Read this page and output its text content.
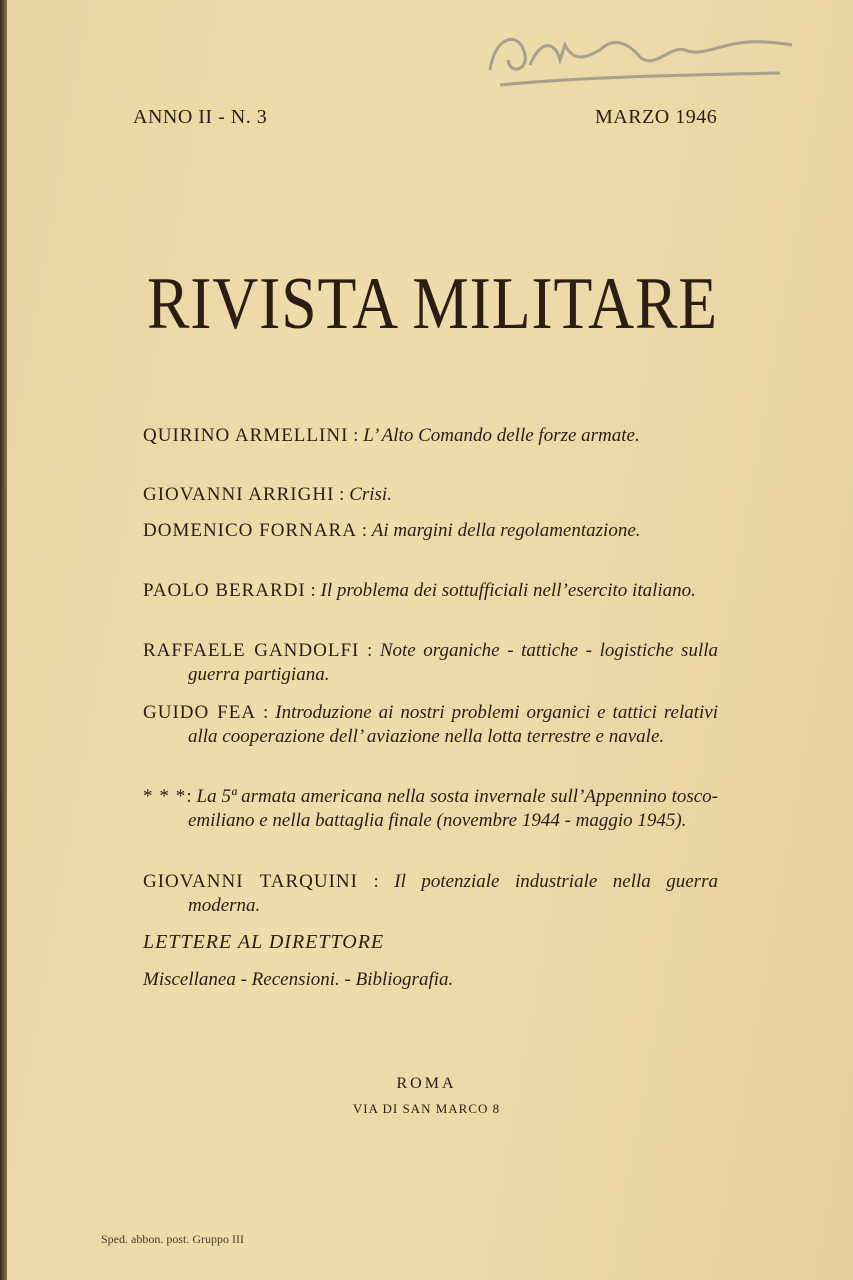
ANNO II - N. 3	MARZO 1946
RIVISTA MILITARE
QUIRINO ARMELLINI : L’ Alto Comando delle forze armate.
GIOVANNI ARRIGHI : Crisi.
DOMENICO FORNARA : Ai margini della regolamentazione.
PAOLO BERARDI : Il problema dei sottufficiali nell’esercito italiano.
RAFFAELE GANDOLFI : Note organiche - tattiche - logistiche sulla guerra partigiana.
GUIDO FEA : Introduzione ai nostri problemi organici e tattici relativi alla cooperazione dell’ aviazione nella lotta terrestre e navale.
* * *: La 5ª armata americana nella sosta invernale sull’Appennino tosco-emiliano e nella battaglia finale (novembre 1944 - maggio 1945).
GIOVANNI TARQUINI : Il potenziale industriale nella guerra moderna.
LETTERE AL DIRETTORE
Miscellanea - Recensioni. - Bibliografia.
ROMA
VIA DI SAN MARCO 8
Sped. abbon. post. Gruppo III
